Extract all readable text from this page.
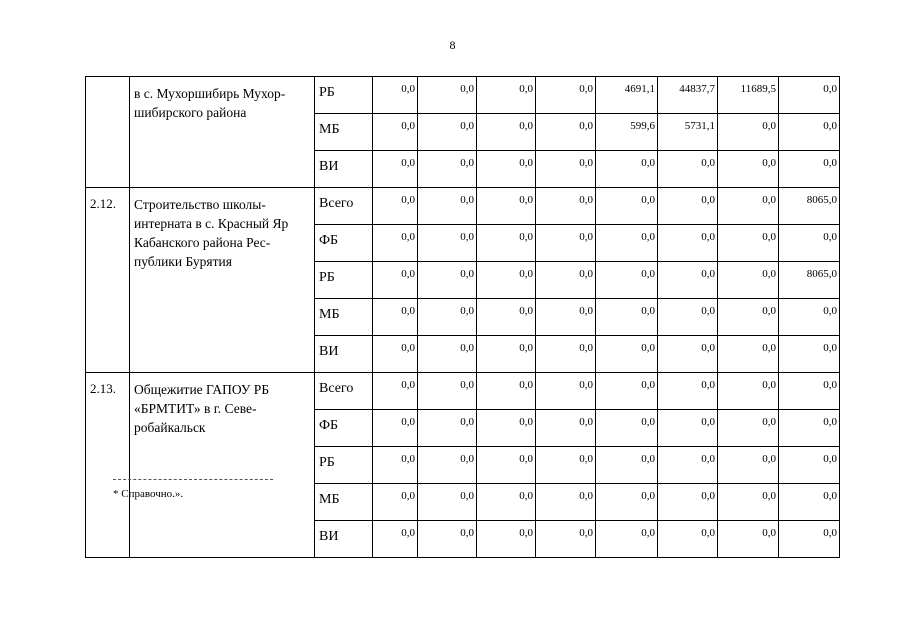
8
	в с. Мухоршибирь Мухор-шибирского района	РБ	0,0	0,0	0,0	0,0	4691,1	44837,7	11689,5	0,0
		МБ	0,0	0,0	0,0	0,0	599,6	5731,1	0,0	0,0
		ВИ	0,0	0,0	0,0	0,0	0,0	0,0	0,0	0,0
2.12.	Строительство школы-интерната в с. Красный Яр Кабанского района Рес-публики Бурятия	Всего	0,0	0,0	0,0	0,0	0,0	0,0	0,0	8065,0
		ФБ	0,0	0,0	0,0	0,0	0,0	0,0	0,0	0,0
		РБ	0,0	0,0	0,0	0,0	0,0	0,0	0,0	8065,0
		МБ	0,0	0,0	0,0	0,0	0,0	0,0	0,0	0,0
		ВИ	0,0	0,0	0,0	0,0	0,0	0,0	0,0	0,0
2.13.	Общежитие ГАПОУ РБ «БРМТИТ» в г. Севе-робайкальск	Всего	0,0	0,0	0,0	0,0	0,0	0,0	0,0	0,0
		ФБ	0,0	0,0	0,0	0,0	0,0	0,0	0,0	0,0
		РБ	0,0	0,0	0,0	0,0	0,0	0,0	0,0	0,0
		МБ	0,0	0,0	0,0	0,0	0,0	0,0	0,0	0,0
		ВИ	0,0	0,0	0,0	0,0	0,0	0,0	0,0	0,0
* Справочно.».
